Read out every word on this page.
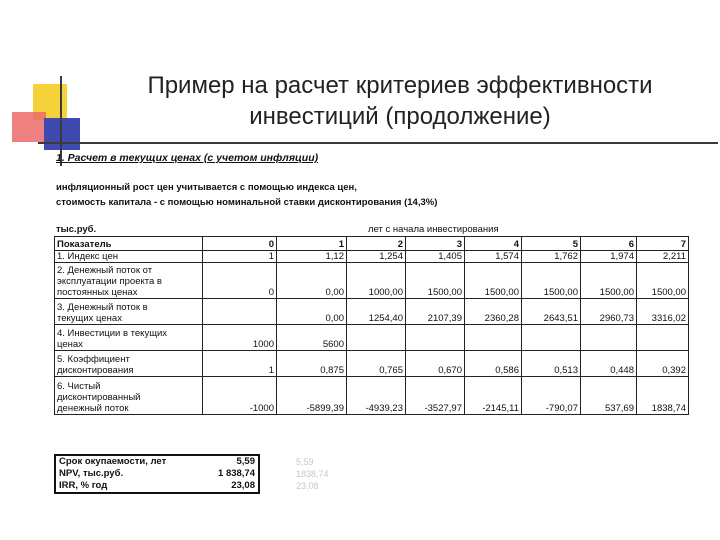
Пример на расчет критериев эффективности
инвестиций (продолжение)
1. Расчет в текущих ценах (с учетом инфляции)
инфляционный рост цен учитывается с помощью индекса цен,
стоимость капитала - с помощью номинальной ставки дисконтирования (14,3%)
тыс.руб.	лет с начала инвестирования
Показатель	0	1	2	3	4	5	6	7

1. Индекс цен	1	1,12	1,254	1,405	1,574	1,762	1,974	2,211

2. Денежный поток от
эксплуатации проекта в
постоянных ценах	0	0,00	1000,00	1500,00	1500,00	1500,00	1500,00	1500,00

3. Денежный поток в
текущих ценах		0,00	1254,40	2107,39	2360,28	2643,51	2960,73	3316,02

4. Инвестиции в текущих
ценах	1000	5600						

5. Коэффициент
дисконтирования	1	0,875	0,765	0,670	0,586	0,513	0,448	0,392

6. Чистый
дисконтированный
денежный поток	-1000	-5899,39	-4939,23	-3527,97	-2145,11	-790,07	537,69	1838,74
Срок окупаемости, лет	5,59
NPV, тыс.руб.	1 838,74
IRR, % год	23,08
5,59
1838,74
23,08
